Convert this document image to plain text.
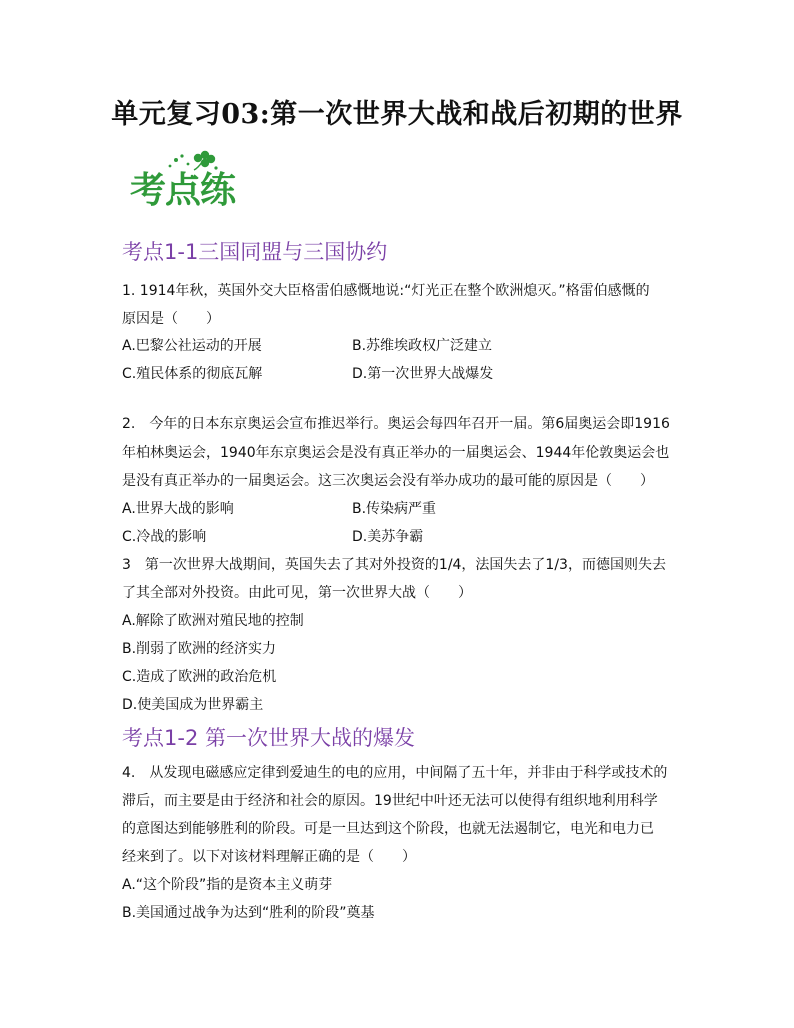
单元复习03:第一次世界大战和战后初期的世界
考点练
考点1-1三国同盟与三国协约
1. 1914年秋，英国外交大臣格雷伯感慨地说:“灯光正在整个欧洲熄灭。”格雷伯感慨的
原因是（　　）
A.巴黎公社运动的开展	B.苏维埃政权广泛建立
C.殖民体系的彻底瓦解	D.第一次世界大战爆发
2.　今年的日本东京奥运会宣布推迟举行。奥运会每四年召开一届。第6届奥运会即1916
年柏林奥运会，1940年东京奥运会是没有真正举办的一届奥运会、1944年伦敦奥运会也
是没有真正举办的一届奥运会。这三次奥运会没有举办成功的最可能的原因是（　　）
A.世界大战的影响	B.传染病严重
C.冷战的影响	D.美苏争霸
3　第一次世界大战期间，英国失去了其对外投资的1/4，法国失去了1/3，而德国则失去
了其全部对外投资。由此可见，第一次世界大战（　　）
A.解除了欧洲对殖民地的控制
B.削弱了欧洲的经济实力
C.造成了欧洲的政治危机
D.使美国成为世界霸主
考点1-2 第一次世界大战的爆发
4.　从发现电磁感应定律到爱迪生的电的应用，中间隔了五十年，并非由于科学或技术的
滞后，而主要是由于经济和社会的原因。19世纪中叶还无法可以使得有组织地利用科学
的意图达到能够胜利的阶段。可是一旦达到这个阶段，也就无法遏制它，电光和电力已
经来到了。以下对该材料理解正确的是（　　）
A.“这个阶段”指的是资本主义萌芽
B.美国通过战争为达到“胜利的阶段”奠基
